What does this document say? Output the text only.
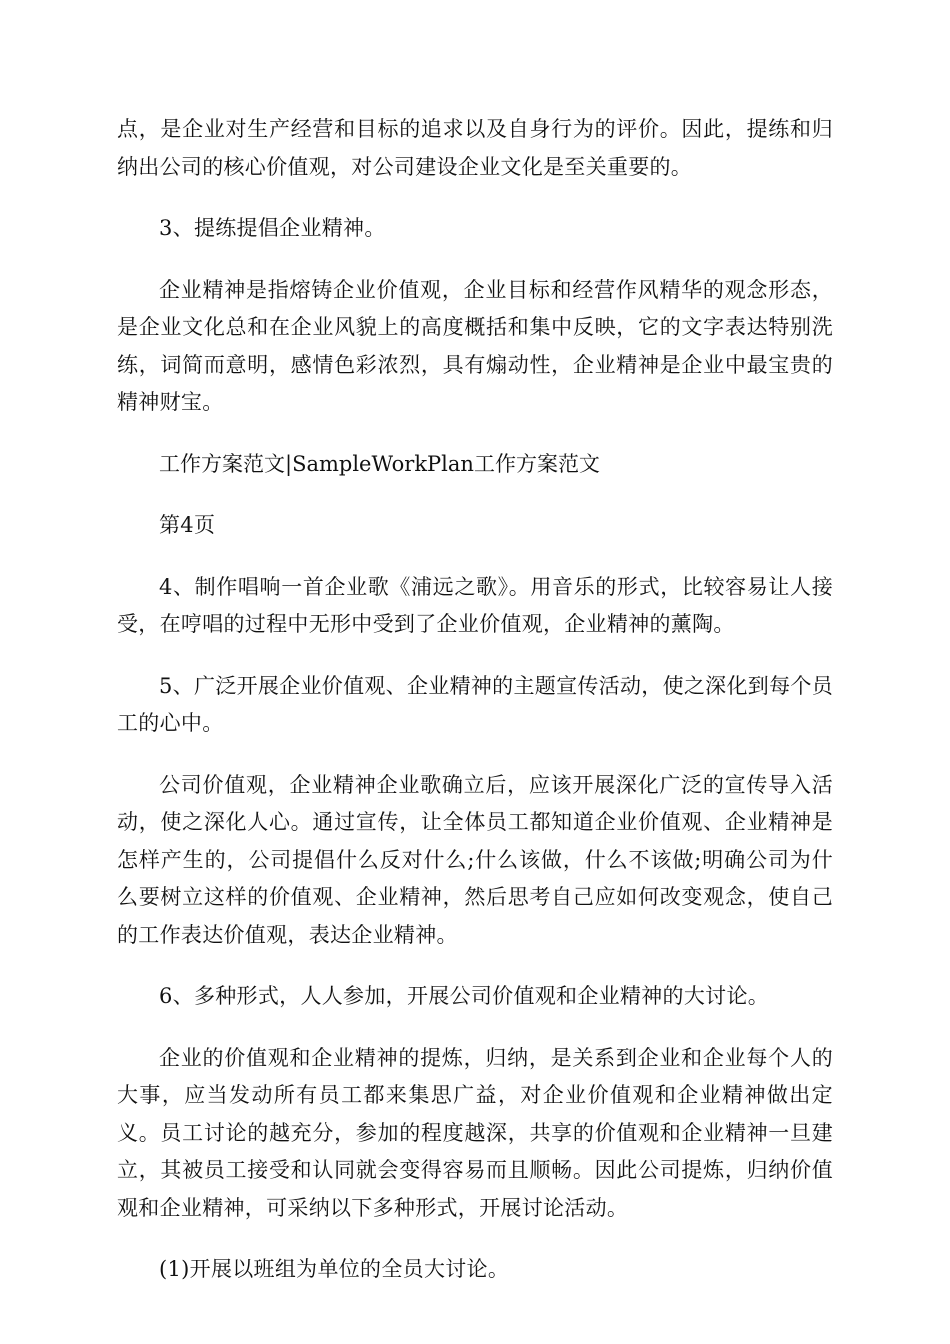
点，是企业对生产经营和目标的追求以及自身行为的评价。因此，提练和归纳出公司的核心价值观，对公司建设企业文化是至关重要的。

3、提练提倡企业精神。

企业精神是指熔铸企业价值观，企业目标和经营作风精华的观念形态，是企业文化总和在企业风貌上的高度概括和集中反映，它的文字表达特别洗练，词简而意明，感情色彩浓烈，具有煽动性，企业精神是企业中最宝贵的精神财宝。

工作方案范文|SampleWorkPlan工作方案范文

第4页

4、制作唱响一首企业歌《浦远之歌》。用音乐的形式，比较容易让人接受，在哼唱的过程中无形中受到了企业价值观，企业精神的薰陶。

5、广泛开展企业价值观、企业精神的主题宣传活动，使之深化到每个员工的心中。

公司价值观，企业精神企业歌确立后，应该开展深化广泛的宣传导入活动，使之深化人心。通过宣传，让全体员工都知道企业价值观、企业精神是怎样产生的，公司提倡什么反对什么;什么该做，什么不该做;明确公司为什么要树立这样的价值观、企业精神，然后思考自己应如何改变观念，使自己的工作表达价值观，表达企业精神。

6、多种形式，人人参加，开展公司价值观和企业精神的大讨论。

企业的价值观和企业精神的提炼，归纳，是关系到企业和企业每个人的大事，应当发动所有员工都来集思广益，对企业价值观和企业精神做出定义。员工讨论的越充分，参加的程度越深，共享的价值观和企业精神一旦建立，其被员工接受和认同就会变得容易而且顺畅。因此公司提炼，归纳价值观和企业精神，可采纳以下多种形式，开展讨论活动。

(1)开展以班组为单位的全员大讨论。
